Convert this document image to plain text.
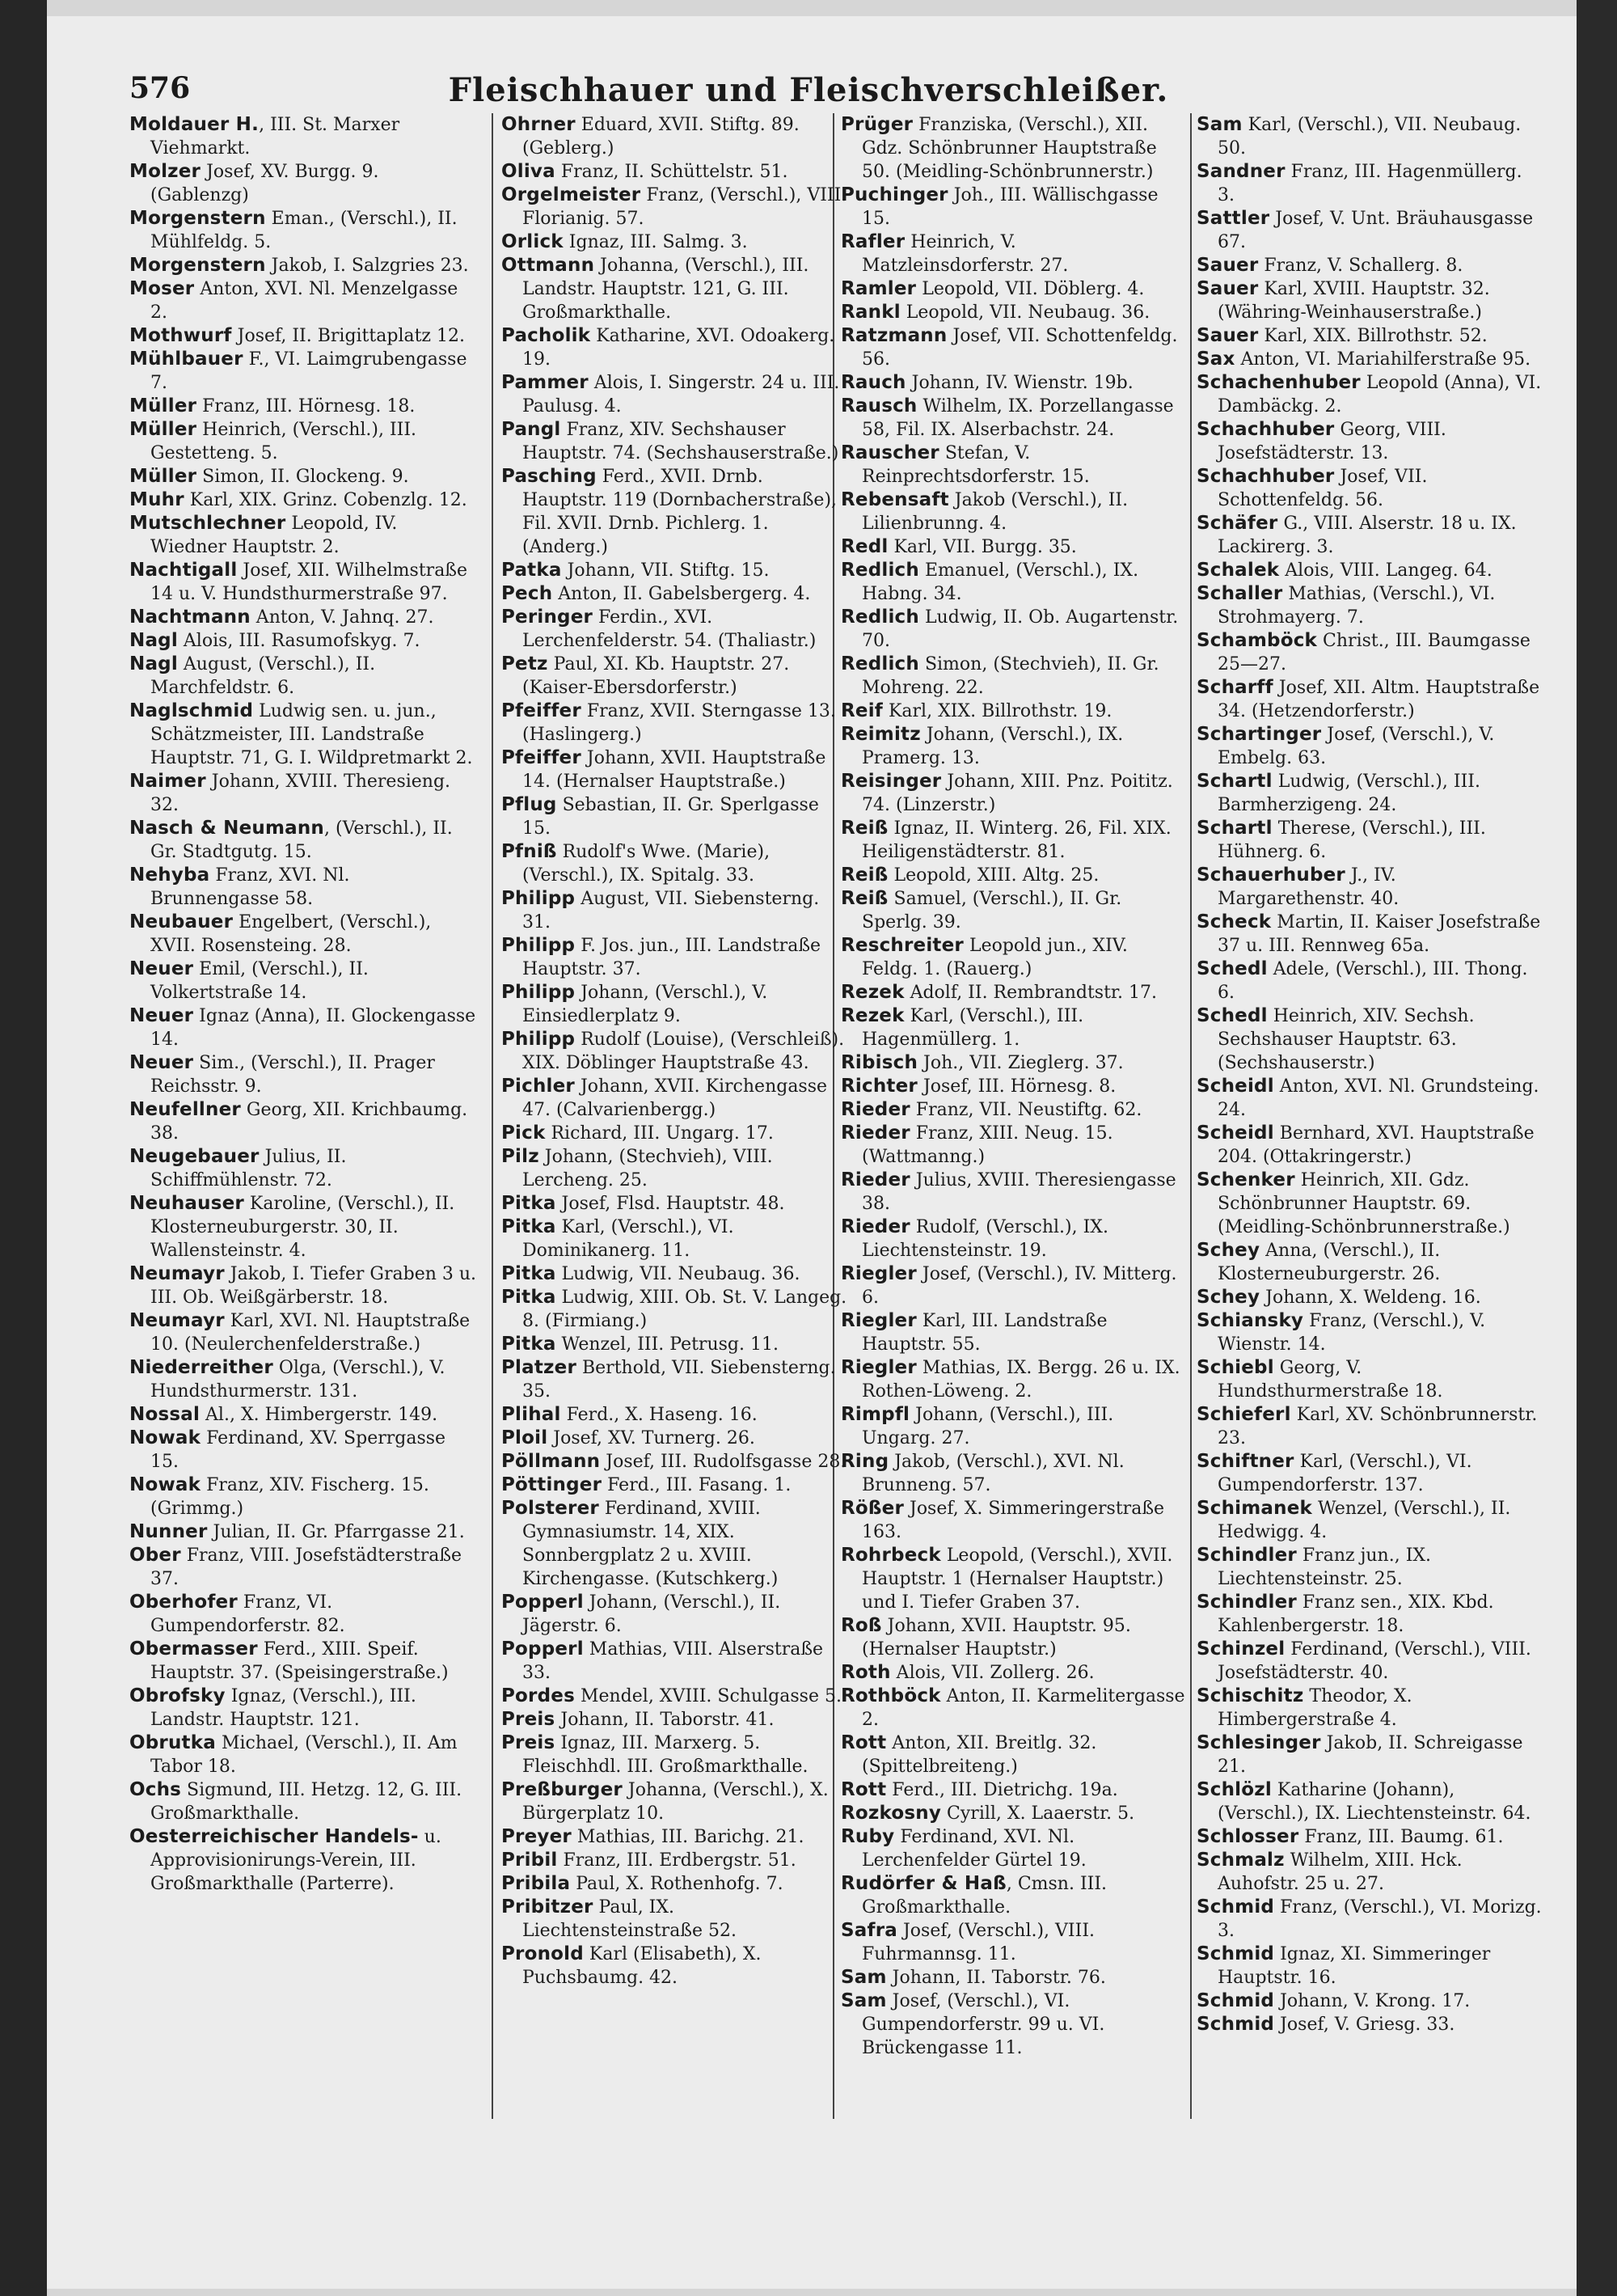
576	Fleischhauer und Fleischverschleißer.

Moldauer H., III. St. Marxer Viehmarkt.

Molzer Josef, XV. Burgg. 9. (Gablenzg)

Morgenstern Eman., (Verschl.), II. Mühlfeldg. 5.

Morgenstern Jakob, I. Salzgries 23.

Moser Anton, XVI. Nl. Menzelgasse 2.

Mothwurf Josef, II. Brigittaplatz 12.

Mühlbauer F., VI. Laimgrubengasse 7.

Müller Franz, III. Hörnesg. 18.

Müller Heinrich, (Verschl.), III. Gestetteng. 5.

Müller Simon, II. Glockeng. 9.

Muhr Karl, XIX. Grinz. Cobenzlg. 12.

Mutschlechner Leopold, IV. Wiedner Hauptstr. 2.

Nachtigall Josef, XII. Wilhelmstraße 14 u. V. Hundsthurmerstraße 97.

Nachtmann Anton, V. Jahnq. 27.

Nagl Alois, III. Rasumofskyg. 7.

Nagl August, (Verschl.), II. Marchfeldstr. 6.

Naglschmid Ludwig sen. u. jun., Schätzmeister, III. Landstraße Hauptstr. 71, G. I. Wildpretmarkt 2.

Naimer Johann, XVIII. Theresieng. 32.

Nasch & Neumann, (Verschl.), II. Gr. Stadtgutg. 15.

Nehyba Franz, XVI. Nl. Brunnengasse 58.

Neubauer Engelbert, (Verschl.), XVII. Rosensteing. 28.

Neuer Emil, (Verschl.), II. Volkertstraße 14.

Neuer Ignaz (Anna), II. Glockengasse 14.

Neuer Sim., (Verschl.), II. Prager Reichsstr. 9.

Neufellner Georg, XII. Krichbaumg. 38.

Neugebauer Julius, II. Schiffmühlenstr. 72.

Neuhauser Karoline, (Verschl.), II. Klosterneuburgerstr. 30, II. Wallensteinstr. 4.

Neumayr Jakob, I. Tiefer Graben 3 u. III. Ob. Weißgärberstr. 18.

Neumayr Karl, XVI. Nl. Hauptstraße 10. (Neulerchenfelderstraße.)

Niederreither Olga, (Verschl.), V. Hundsthurmerstr. 131.

Nossal Al., X. Himbergerstr. 149.

Nowak Ferdinand, XV. Sperrgasse 15.

Nowak Franz, XIV. Fischerg. 15. (Grimmg.)

Nunner Julian, II. Gr. Pfarrgasse 21.

Ober Franz, VIII. Josefstädterstraße 37.

Oberhofer Franz, VI. Gumpendorferstr. 82.

Obermasser Ferd., XIII. Speif. Hauptstr. 37. (Speisingerstraße.)

Obrofsky Ignaz, (Verschl.), III. Landstr. Hauptstr. 121.

Obrutka Michael, (Verschl.), II. Am Tabor 18.

Ochs Sigmund, III. Hetzg. 12, G. III. Großmarkthalle.

Oesterreichischer Handels- u. Approvisionirungs-Verein, III. Großmarkthalle (Parterre).

Ohrner Eduard, XVII. Stiftg. 89. (Geblerg.)

Oliva Franz, II. Schüttelstr. 51.

Orgelmeister Franz, (Verschl.), VIII. Florianig. 57.

Orlick Ignaz, III. Salmg. 3.

Ottmann Johanna, (Verschl.), III. Landstr. Hauptstr. 121, G. III. Großmarkthalle.

Pacholik Katharine, XVI. Odoakerg. 19.

Pammer Alois, I. Singerstr. 24 u. III. Paulusg. 4.

Pangl Franz, XIV. Sechshauser Hauptstr. 74. (Sechshauserstraße.)

Pasching Ferd., XVII. Drnb. Hauptstr. 119 (Dornbacherstraße), Fil. XVII. Drnb. Pichlerg. 1. (Anderg.)

Patka Johann, VII. Stiftg. 15.

Pech Anton, II. Gabelsbergerg. 4.

Peringer Ferdin., XVI. Lerchenfelderstr. 54. (Thaliastr.)

Petz Paul, XI. Kb. Hauptstr. 27. (Kaiser-Ebersdorferstr.)

Pfeiffer Franz, XVII. Sterngasse 13. (Haslingerg.)

Pfeiffer Johann, XVII. Hauptstraße 14. (Hernalser Hauptstraße.)

Pflug Sebastian, II. Gr. Sperlgasse 15.

Pfniß Rudolf's Wwe. (Marie), (Verschl.), IX. Spitalg. 33.

Philipp August, VII. Siebensterng. 31.

Philipp F. Jos. jun., III. Landstraße Hauptstr. 37.

Philipp Johann, (Verschl.), V. Einsiedlerplatz 9.

Philipp Rudolf (Louise), (Verschleiß). XIX. Döblinger Hauptstraße 43.

Pichler Johann, XVII. Kirchengasse 47. (Calvarienbergg.)

Pick Richard, III. Ungarg. 17.

Pilz Johann, (Stechvieh), VIII. Lercheng. 25.

Pitka Josef, Flsd. Hauptstr. 48.

Pitka Karl, (Verschl.), VI. Dominikanerg. 11.

Pitka Ludwig, VII. Neubaug. 36.

Pitka Ludwig, XIII. Ob. St. V. Langeg. 8. (Firmiang.)

Pitka Wenzel, III. Petrusg. 11.

Platzer Berthold, VII. Siebensterng. 35.

Plihal Ferd., X. Haseng. 16.

Ploil Josef, XV. Turnerg. 26.

Pöllmann Josef, III. Rudolfsgasse 28.

Pöttinger Ferd., III. Fasang. 1.

Polsterer Ferdinand, XVIII. Gymnasiumstr. 14, XIX. Sonnbergplatz 2 u. XVIII. Kirchengasse. (Kutschkerg.)

Popperl Johann, (Verschl.), II. Jägerstr. 6.

Popperl Mathias, VIII. Alserstraße 33.

Pordes Mendel, XVIII. Schulgasse 5.

Preis Johann, II. Taborstr. 41.

Preis Ignaz, III. Marxerg. 5. Fleischhdl. III. Großmarkthalle.

Preßburger Johanna, (Verschl.), X. Bürgerplatz 10.

Preyer Mathias, III. Barichg. 21.

Pribil Franz, III. Erdbergstr. 51.

Pribila Paul, X. Rothenhofg. 7.

Pribitzer Paul, IX. Liechtensteinstraße 52.

Pronold Karl (Elisabeth), X. Puchsbaumg. 42.

Prüger Franziska, (Verschl.), XII. Gdz. Schönbrunner Hauptstraße 50. (Meidling-Schönbrunnerstr.)

Puchinger Joh., III. Wällischgasse 15.

Rafler Heinrich, V. Matzleinsdorferstr. 27.

Ramler Leopold, VII. Döblerg. 4.

Rankl Leopold, VII. Neubaug. 36.

Ratzmann Josef, VII. Schottenfeldg. 56.

Rauch Johann, IV. Wienstr. 19b.

Rausch Wilhelm, IX. Porzellangasse 58, Fil. IX. Alserbachstr. 24.

Rauscher Stefan, V. Reinprechtsdorferstr. 15.

Rebensaft Jakob (Verschl.), II. Lilienbrunng. 4.

Redl Karl, VII. Burgg. 35.

Redlich Emanuel, (Verschl.), IX. Habng. 34.

Redlich Ludwig, II. Ob. Augartenstr. 70.

Redlich Simon, (Stechvieh), II. Gr. Mohreng. 22.

Reif Karl, XIX. Billrothstr. 19.

Reimitz Johann, (Verschl.), IX. Pramerg. 13.

Reisinger Johann, XIII. Pnz. Poititz. 74. (Linzerstr.)

Reiß Ignaz, II. Winterg. 26, Fil. XIX. Heiligenstädterstr. 81.

Reiß Leopold, XIII. Altg. 25.

Reiß Samuel, (Verschl.), II. Gr. Sperlg. 39.

Reschreiter Leopold jun., XIV. Feldg. 1. (Rauerg.)

Rezek Adolf, II. Rembrandtstr. 17.

Rezek Karl, (Verschl.), III. Hagenmüllerg. 1.

Ribisch Joh., VII. Zieglerg. 37.

Richter Josef, III. Hörnesg. 8.

Rieder Franz, VII. Neustiftg. 62.

Rieder Franz, XIII. Neug. 15. (Wattmanng.)

Rieder Julius, XVIII. Theresiengasse 38.

Rieder Rudolf, (Verschl.), IX. Liechtensteinstr. 19.

Riegler Josef, (Verschl.), IV. Mitterg. 6.

Riegler Karl, III. Landstraße Hauptstr. 55.

Riegler Mathias, IX. Bergg. 26 u. IX. Rothen-Löweng. 2.

Rimpfl Johann, (Verschl.), III. Ungarg. 27.

Ring Jakob, (Verschl.), XVI. Nl. Brunneng. 57.

Rößer Josef, X. Simmeringerstraße 163.

Rohrbeck Leopold, (Verschl.), XVII. Hauptstr. 1 (Hernalser Hauptstr.) und I. Tiefer Graben 37.

Roß Johann, XVII. Hauptstr. 95. (Hernalser Hauptstr.)

Roth Alois, VII. Zollerg. 26.

Rothböck Anton, II. Karmelitergasse 2.

Rott Anton, XII. Breitlg. 32. (Spittelbreiteng.)

Rott Ferd., III. Dietrichg. 19a.

Rozkosny Cyrill, X. Laaerstr. 5.

Ruby Ferdinand, XVI. Nl. Lerchenfelder Gürtel 19.

Rudörfer & Haß, Cmsn. III. Großmarkthalle.

Safra Josef, (Verschl.), VIII. Fuhrmannsg. 11.

Sam Johann, II. Taborstr. 76.

Sam Josef, (Verschl.), VI. Gumpendorferstr. 99 u. VI. Brückengasse 11.

Sam Karl, (Verschl.), VII. Neubaug. 50.

Sandner Franz, III. Hagenmüllerg. 3.

Sattler Josef, V. Unt. Bräuhausgasse 67.

Sauer Franz, V. Schallerg. 8.

Sauer Karl, XVIII. Hauptstr. 32. (Währing-Weinhauserstraße.)

Sauer Karl, XIX. Billrothstr. 52.

Sax Anton, VI. Mariahilferstraße 95.

Schachenhuber Leopold (Anna), VI. Dambäckg. 2.

Schachhuber Georg, VIII. Josefstädterstr. 13.

Schachhuber Josef, VII. Schottenfeldg. 56.

Schäfer G., VIII. Alserstr. 18 u. IX. Lackirerg. 3.

Schalek Alois, VIII. Langeg. 64.

Schaller Mathias, (Verschl.), VI. Strohmayerg. 7.

Schamböck Christ., III. Baumgasse 25—27.

Scharff Josef, XII. Altm. Hauptstraße 34. (Hetzendorferstr.)

Schartinger Josef, (Verschl.), V. Embelg. 63.

Schartl Ludwig, (Verschl.), III. Barmherzigeng. 24.

Schartl Therese, (Verschl.), III. Hühnerg. 6.

Schauerhuber J., IV. Margarethenstr. 40.

Scheck Martin, II. Kaiser Josefstraße 37 u. III. Rennweg 65a.

Schedl Adele, (Verschl.), III. Thong. 6.

Schedl Heinrich, XIV. Sechsh. Sechshauser Hauptstr. 63. (Sechshauserstr.)

Scheidl Anton, XVI. Nl. Grundsteing. 24.

Scheidl Bernhard, XVI. Hauptstraße 204. (Ottakringerstr.)

Schenker Heinrich, XII. Gdz. Schönbrunner Hauptstr. 69. (Meidling-Schönbrunnerstraße.)

Schey Anna, (Verschl.), II. Klosterneuburgerstr. 26.

Schey Johann, X. Weldeng. 16.

Schiansky Franz, (Verschl.), V. Wienstr. 14.

Schiebl Georg, V. Hundsthurmerstraße 18.

Schieferl Karl, XV. Schönbrunnerstr. 23.

Schiftner Karl, (Verschl.), VI. Gumpendorferstr. 137.

Schimanek Wenzel, (Verschl.), II. Hedwigg. 4.

Schindler Franz jun., IX. Liechtensteinstr. 25.

Schindler Franz sen., XIX. Kbd. Kahlenbergerstr. 18.

Schinzel Ferdinand, (Verschl.), VIII. Josefstädterstr. 40.

Schischitz Theodor, X. Himbergerstraße 4.

Schlesinger Jakob, II. Schreigasse 21.

Schlözl Katharine (Johann), (Verschl.), IX. Liechtensteinstr. 64.

Schlosser Franz, III. Baumg. 61.

Schmalz Wilhelm, XIII. Hck. Auhofstr. 25 u. 27.

Schmid Franz, (Verschl.), VI. Morizg. 3.

Schmid Ignaz, XI. Simmeringer Hauptstr. 16.

Schmid Johann, V. Krong. 17.

Schmid Josef, V. Griesg. 33.
